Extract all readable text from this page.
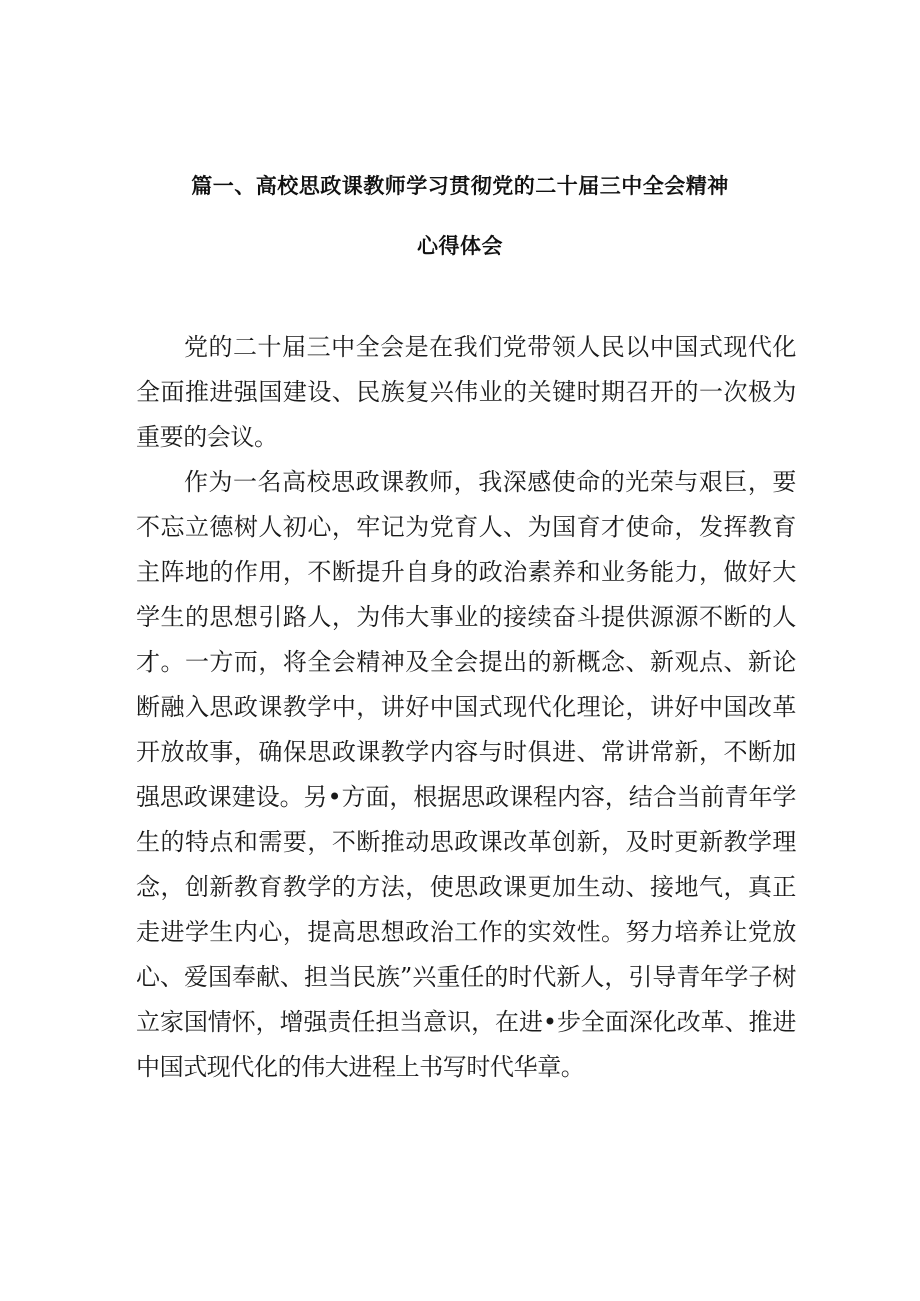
篇一、高校思政课教师学习贯彻党的二十届三中全会精神
心得体会

党的二十届三中全会是在我们党带领人民以中国式现代化全面推进强国建设、民族复兴伟业的关键时期召开的一次极为重要的会议。

作为一名高校思政课教师，我深感使命的光荣与艰巨，要不忘立德树人初心，牢记为党育人、为国育才使命，发挥教育主阵地的作用，不断提升自身的政治素养和业务能力，做好大学生的思想引路人，为伟大事业的接续奋斗提供源源不断的人才。一方而，将全会精神及全会提出的新概念、新观点、新论断融入思政课教学中，讲好中国式现代化理论，讲好中国改革开放故事，确保思政课教学内容与时俱进、常讲常新，不断加强思政课建设。另•方面，根据思政课程内容，结合当前青年学生的特点和需要，不断推动思政课改革创新，及时更新教学理念，创新教育教学的方法，使思政课更加生动、接地气，真正走进学生内心，提高思想政治工作的实效性。努力培养让党放心、爱国奉献、担当民族”兴重任的时代新人，引导青年学子树立家国情怀，增强责任担当意识，在进•步全面深化改革、推进中国式现代化的伟大进程上书写时代华章。
